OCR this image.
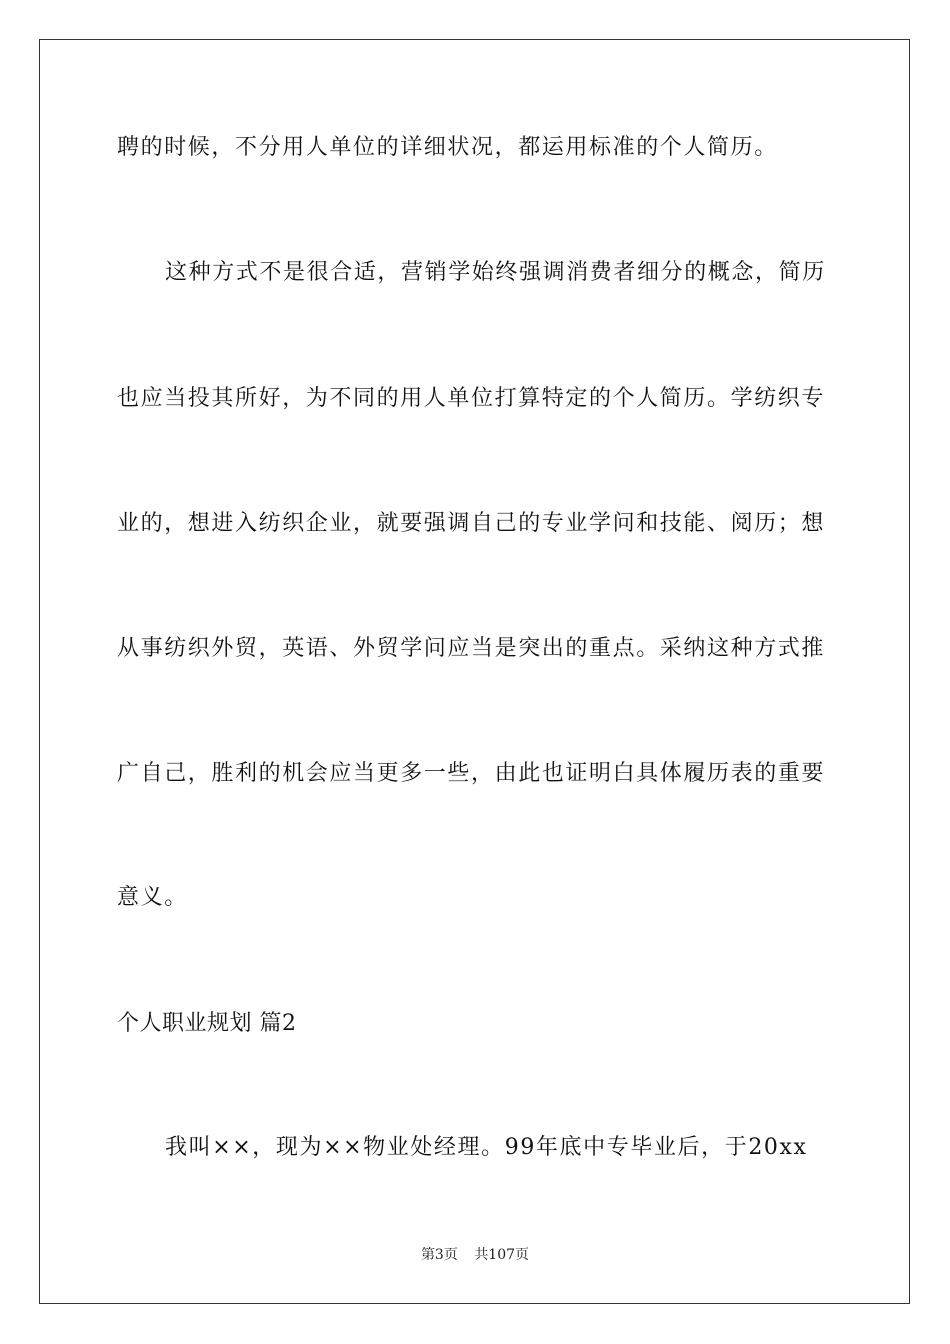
聘的时候，不分用人单位的详细状况，都运用标准的个人简历。
这种方式不是很合适，营销学始终强调消费者细分的概念，简历
也应当投其所好，为不同的用人单位打算特定的个人简历。学纺织专
业的，想进入纺织企业，就要强调自己的专业学问和技能、阅历；想
从事纺织外贸，英语、外贸学问应当是突出的重点。采纳这种方式推
广自己，胜利的机会应当更多一些，由此也证明白具体履历表的重要
意义。
个人职业规划 篇2
我叫××，现为××物业处经理。99年底中专毕业后，于20xx
第3页 共107页
